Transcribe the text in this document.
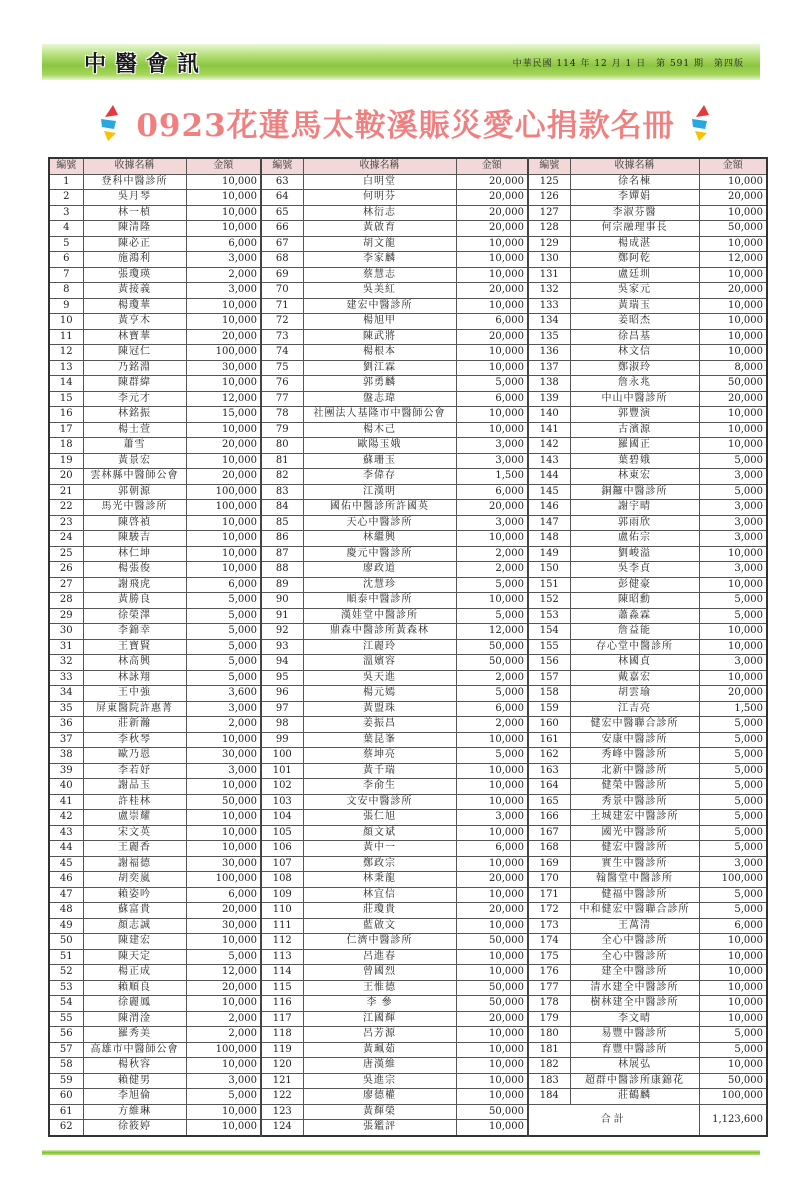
中醫會訊	中華民國 114 年 12 月 1 日　第 591 期　第四版
0923花蓮馬太鞍溪賑災愛心捐款名冊
編號	收據名稱	金額	編號	收據名稱	金額	編號	收據名稱	金額
1	登科中醫診所	10,000	63	白明堂	20,000	125	徐名棟	10,000
2	吳月琴	10,000	64	何明芬	20,000	126	李嬋娟	20,000
3	林一楨	10,000	65	林衍志	20,000	127	李淑芬醫	10,000
4	陳清隆	10,000	66	黃啟育	20,000	128	何宗融理事長	50,000
5	陳必正	6,000	67	胡文龍	10,000	129	楊成湛	10,000
6	施鴻利	3,000	68	李家麟	10,000	130	鄭阿乾	12,000
7	張瓊瑛	2,000	69	蔡慧志	10,000	131	盧廷圳	10,000
8	黃接義	3,000	70	吳美紅	20,000	132	吳家元	20,000
9	楊瓊華	10,000	71	建宏中醫診所	10,000	133	黃瑞玉	10,000
10	黃亨木	10,000	72	楊旭甲	6,000	134	姜昭杰	10,000
11	林寶華	20,000	73	陳武將	20,000	135	徐昌基	10,000
12	陳冠仁	100,000	74	楊根本	10,000	136	林文信	10,000
13	乃銘淵	30,000	75	劉江霖	10,000	137	鄭淑玲	8,000
14	陳群緯	10,000	76	郭勇麟	5,000	138	詹永兆	50,000
15	李元才	12,000	77	盤志瑋	6,000	139	中山中醫診所	20,000
16	林銘振	15,000	78	社團法人基隆市中醫師公會	10,000	140	郭豐演	10,000
17	楊士萱	10,000	79	楊木己	10,000	141	古濱源	10,000
18	蕭雪	20,000	80	歐陽玉娥	3,000	142	羅國正	10,000
19	黃景宏	10,000	81	蘇珊玉	3,000	143	葉碧娥	5,000
20	雲林縣中醫師公會	20,000	82	李偉存	1,500	144	林東宏	3,000
21	郭朝源	100,000	83	江漢明	6,000	145	銅鑼中醫診所	5,000
22	馬光中醫診所	100,000	84	國佑中醫診所許國英	20,000	146	謝宇晴	3,000
23	陳啓禎	10,000	85	天心中醫診所	3,000	147	郭雨欣	3,000
24	陳駿吉	10,000	86	林繼興	10,000	148	盧佑宗	3,000
25	林仁坤	10,000	87	慶元中醫診所	2,000	149	劉峻溢	10,000
26	楊張俊	10,000	88	廖政道	2,000	150	吳李貞	3,000
27	謝飛虎	6,000	89	沈慧珍	5,000	151	彭健豪	10,000
28	黃勝良	5,000	90	順泰中醫診所	10,000	152	陳昭勳	5,000
29	徐榮澤	5,000	91	漢娃堂中醫診所	5,000	153	蕭淼霖	5,000
30	李錦幸	5,000	92	鼎森中醫診所黃森林	12,000	154	詹益能	10,000
31	王寶賢	5,000	93	江麗玲	50,000	155	存心堂中醫診所	10,000
32	林高興	5,000	94	溫嬪容	50,000	156	林國貞	3,000
33	林詠翔	5,000	95	吳天進	2,000	157	戴嘉宏	10,000
34	王中強	3,600	96	楊元嫣	5,000	158	胡雲瑜	20,000
35	屏東醫院許惠菁	3,000	97	黃盟珠	6,000	159	江吉亮	1,500
36	莊新瀚	2,000	98	姜振昌	2,000	160	健宏中醫聯合診所	5,000
37	李秋琴	10,000	99	葉昆峯	10,000	161	安康中醫診所	5,000
38	歐乃恩	30,000	100	蔡坤亮	5,000	162	秀峰中醫診所	5,000
39	李若妤	3,000	101	黃千瑞	10,000	163	北新中醫診所	5,000
40	謝品玉	10,000	102	李俞生	10,000	164	健榮中醫診所	5,000
41	許桂林	50,000	103	文安中醫診所	10,000	165	秀景中醫診所	5,000
42	盧崇耀	10,000	104	張仁旭	3,000	166	土城建宏中醫診所	5,000
43	宋文英	10,000	105	顏文斌	10,000	167	國光中醫診所	5,000
44	王麗香	10,000	106	黃中一	6,000	168	健宏中醫診所	5,000
45	謝福德	30,000	107	鄭政宗	10,000	169	實生中醫診所	3,000
46	胡奕嵐	100,000	108	林秉龍	20,000	170	翰醫堂中醫診所	100,000
47	賴姿吟	6,000	109	林宜信	10,000	171	健福中醫診所	5,000
48	蘇富貴	20,000	110	莊瓊貴	20,000	172	中和健宏中醫聯合診所	5,000
49	顏志誠	30,000	111	藍啟文	10,000	173	王萬清	6,000
50	陳建宏	10,000	112	仁濟中醫診所	50,000	174	全心中醫診所	10,000
51	陳天定	5,000	113	呂進春	10,000	175	全心中醫診所	10,000
52	楊正成	12,000	114	曾國烈	10,000	176	建全中醫診所	10,000
53	賴順良	20,000	115	王惟德	50,000	177	清水建全中醫診所	10,000
54	徐麗鳳	10,000	116	李 參	50,000	178	樹林建全中醫診所	10,000
55	陳渭淦	2,000	117	江國輝	20,000	179	李文晴	10,000
56	羅秀美	2,000	118	呂芳源	10,000	180	易豐中醫診所	5,000
57	高雄市中醫師公會	100,000	119	黃珮茹	10,000	181	育豐中醫診所	5,000
58	楊秋容	10,000	120	唐漢維	10,000	182	林展弘	10,000
59	賴健男	3,000	121	吳進宗	10,000	183	超群中醫診所康錦花	50,000
60	李旭倫	5,000	122	廖德權	10,000	184	莊鶴麟	100,000
61	方維琳	10,000	123	黃輝榮	50,000	合計		1,123,600
62	徐筱婷	10,000	124	張鑑評	10,000			
